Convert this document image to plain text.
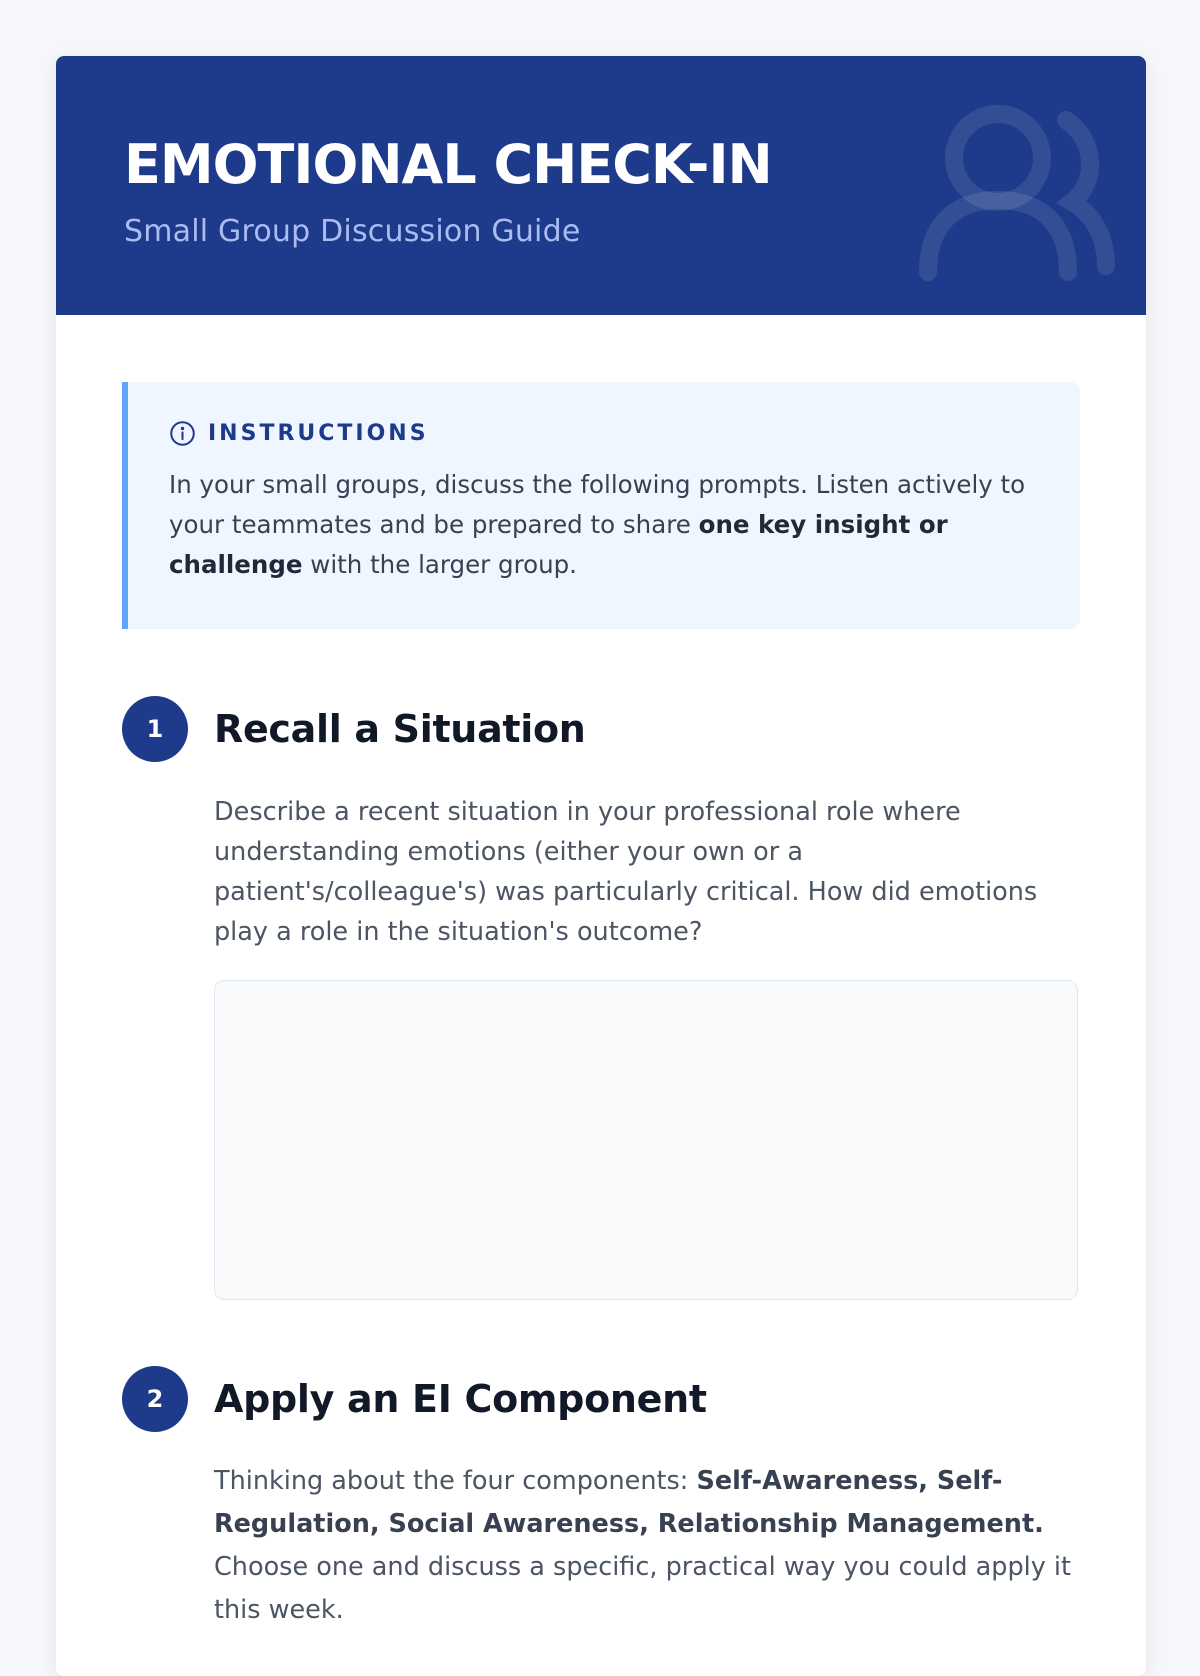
EMOTIONAL CHECK-IN
Small Group Discussion Guide
INSTRUCTIONS

In your small groups, discuss the following prompts. Listen actively to your teammates and be prepared to share one key insight or challenge with the larger group.

1	Recall a Situation

Describe a recent situation in your professional role where understanding emotions (either your own or a patient's/colleague's) was particularly critical. How did emotions play a role in the situation's outcome?

2	Apply an EI Component

Thinking about the four components: Self-Awareness, Self-Regulation, Social Awareness, Relationship Management. Choose one and discuss a specific, practical way you could apply it this week.
